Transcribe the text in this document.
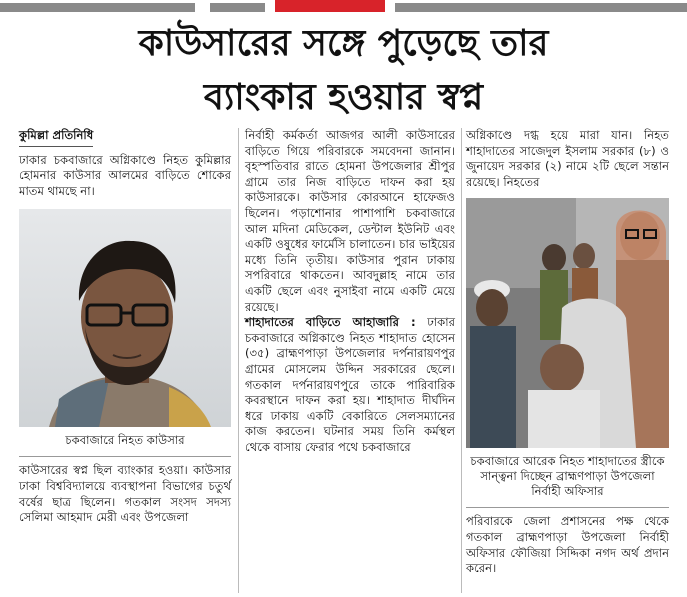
কাউসারের সঙ্গে পুড়েছে তার
ব্যাংকার হওয়ার স্বপ্ন

কুমিল্লা প্রতিনিধি

ঢাকার চকবাজারে অগ্নিকাণ্ডে নিহত কুমিল্লার হোমনার কাউসার আলমের বাড়িতে শোকের মাতম থামছে না।

চকবাজারে নিহত কাউসার

কাউসারের স্বপ্ন ছিল ব্যাংকার হওয়া। কাউসার ঢাকা বিশ্ববিদ্যালয়ে ব্যবস্থাপনা বিভাগের চতুর্থ বর্ষের ছাত্র ছিলেন। গতকাল সংসদ সদস্য সেলিমা আহমাদ মেরী এবং উপজেলা

নির্বাহী কর্মকর্তা আজগর আলী কাউসারের বাড়িতে গিয়ে পরিবারকে সমবেদনা জানান। বৃহস্পতিবার রাতে হোমনা উপজেলার শ্রীপুর গ্রামে তার নিজ বাড়িতে দাফন করা হয় কাউসারকে। কাউসার কোরআনে হাফেজও ছিলেন। পড়াশোনার পাশাপাশি চকবাজারে আল মদিনা মেডিকেল, ডেন্টাল ইউনিট এবং একটি ওষুধের ফার্মেসি চালাতেন। চার ভাইয়ের মধ্যে তিনি তৃতীয়। কাউসার পুরান ঢাকায় সপরিবারে থাকতেন। আবদুল্লাহ নামে তার একটি ছেলে এবং নুসাইবা নামে একটি মেয়ে রয়েছে।

শাহাদাতের বাড়িতে আহাজারি : ঢাকার চকবাজারে অগ্নিকাণ্ডে নিহত শাহাদাত হোসেন (৩৫) ব্রাহ্মণপাড়া উপজেলার দর্পনারায়ণপুর গ্রামের মোসলেম উদ্দিন সরকারের ছেলে। গতকাল দর্পনারায়ণপুরে তাকে পারিবারিক কবরস্থানে দাফন করা হয়। শাহাদাত দীর্ঘদিন ধরে ঢাকায় একটি বেকারিতে সেলসম্যানের কাজ করতেন। ঘটনার সময় তিনি কর্মস্থল থেকে বাসায় ফেরার পথে চকবাজারে

অগ্নিকাণ্ডে দগ্ধ হয়ে মারা যান। নিহত শাহাদাতের সাজেদুল ইসলাম সরকার (৮) ও জুনায়েদ সরকার (২) নামে ২টি ছেলে সন্তান রয়েছে। নিহতের

চকবাজারে আরেক নিহত শাহাদাতের স্ত্রীকে সান্ত্বনা দিচ্ছেন ব্রাহ্মণপাড়া উপজেলা নির্বাহী অফিসার

পরিবারকে জেলা প্রশাসনের পক্ষ থেকে গতকাল ব্রাহ্মণপাড়া উপজেলা নির্বাহী অফিসার ফৌজিয়া সিদ্দিকা নগদ অর্থ প্রদান করেন।
